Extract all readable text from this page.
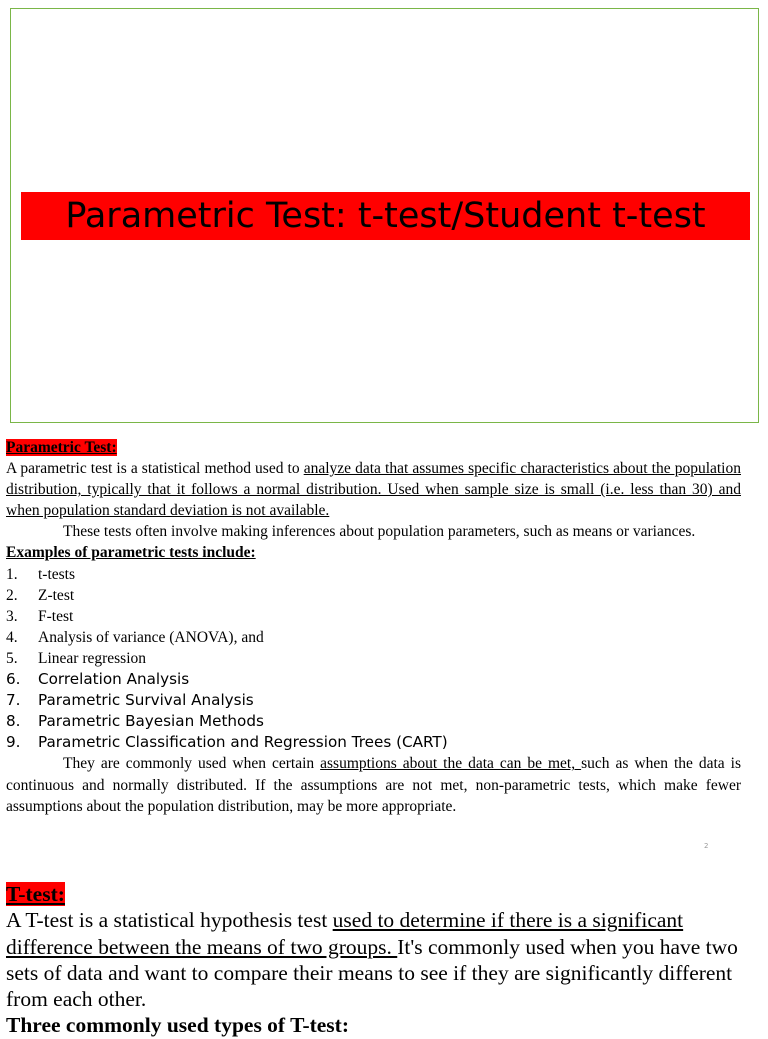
Parametric Test: t-test/Student t-test

Parametric Test:

A parametric test is a statistical method used to analyze data that assumes specific characteristics about the population distribution, typically that it follows a normal distribution. Used when sample size is small (i.e. less than 30) and when population standard deviation is not available.

These tests often involve making inferences about population parameters, such as means or variances.

Examples of parametric tests include:

1.	t-tests
2.	Z-test
3.	F-test
4.	Analysis of variance (ANOVA), and
5.	Linear regression
6.	Correlation Analysis
7.	Parametric Survival Analysis
8.	Parametric Bayesian Methods
9.	Parametric Classification and Regression Trees (CART)

They are commonly used when certain assumptions about the data can be met, such as when the data is continuous and normally distributed. If the assumptions are not met, non-parametric tests, which make fewer assumptions about the population distribution, may be more appropriate.

2

T-test:

A T-test is a statistical hypothesis test used to determine if there is a significant difference between the means of two groups. It's commonly used when you have two sets of data and want to compare their means to see if they are significantly different from each other.

Three commonly used types of T-test:
